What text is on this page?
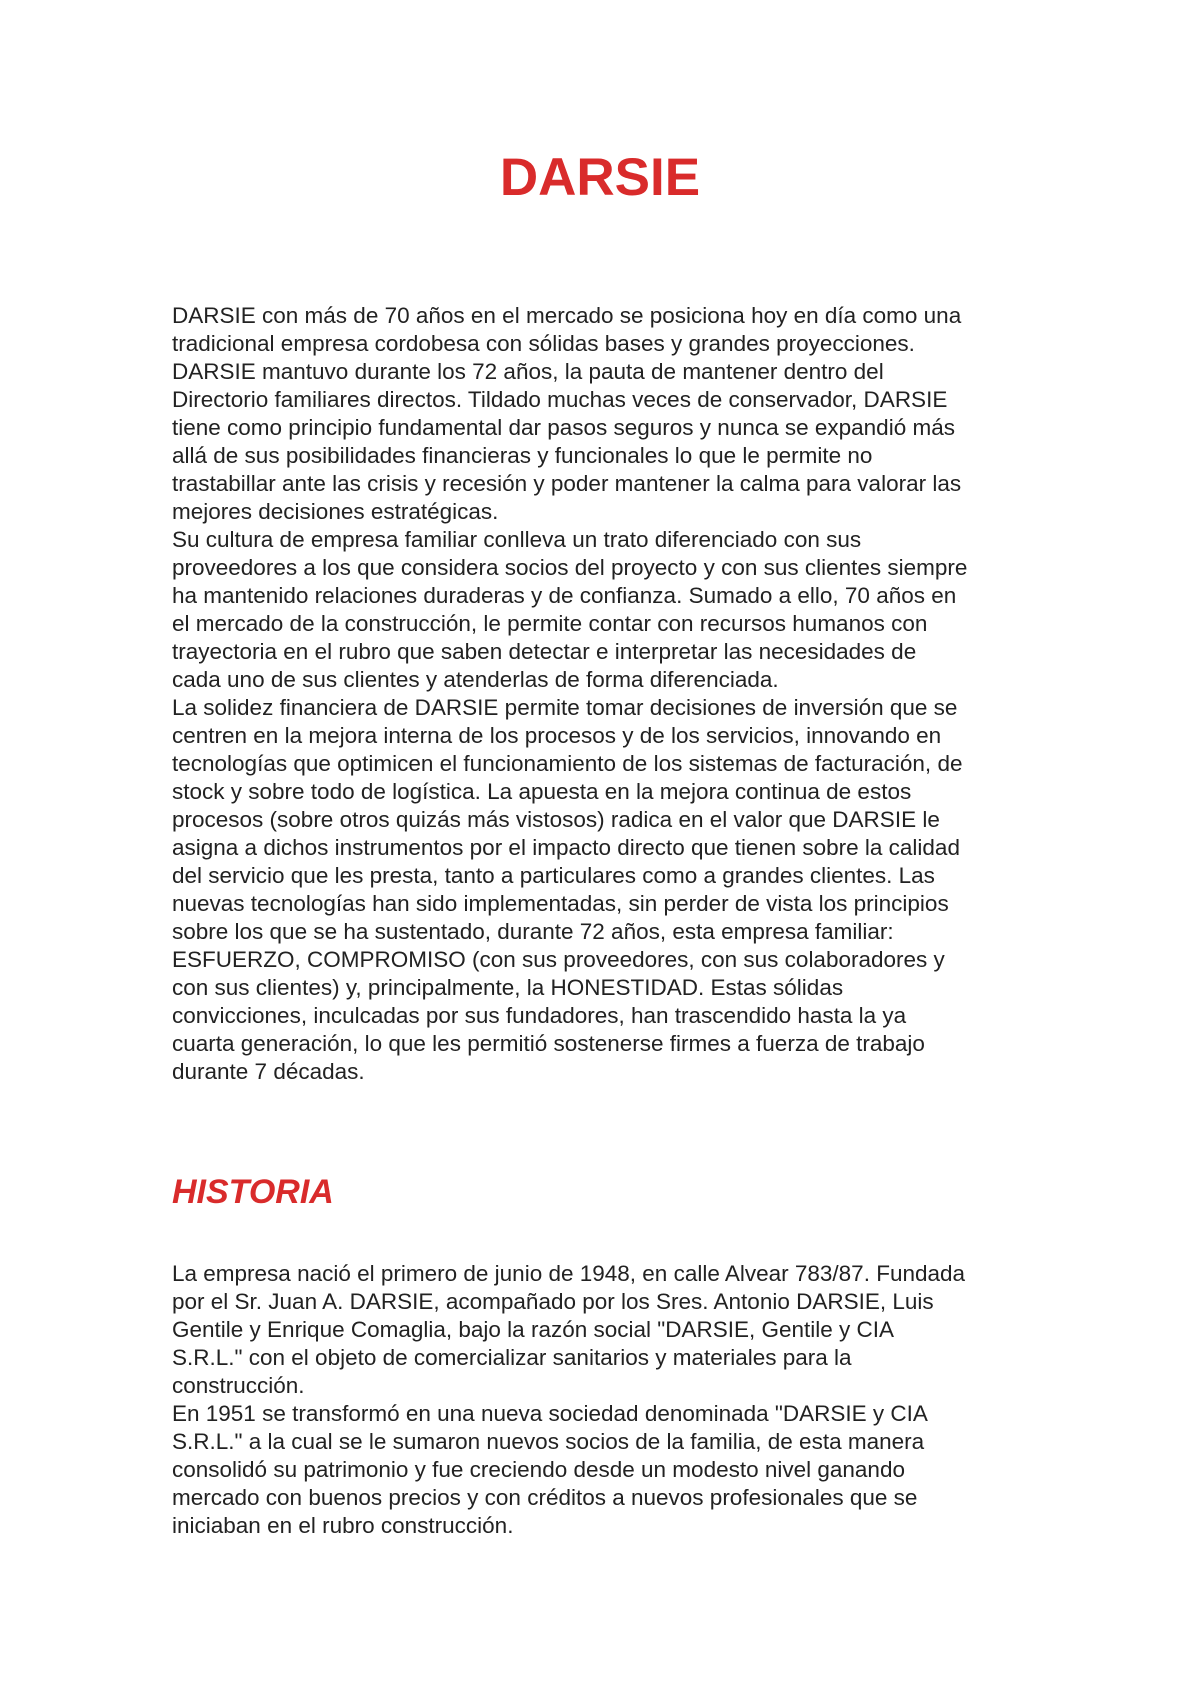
DARSIE
DARSIE con más de 70 años en el mercado se posiciona hoy en día como una
tradicional empresa cordobesa con sólidas bases y grandes proyecciones.
DARSIE mantuvo durante los 72 años, la pauta de mantener dentro del
Directorio familiares directos. Tildado muchas veces de conservador, DARSIE
tiene como principio fundamental dar pasos seguros y nunca se expandió más
allá de sus posibilidades financieras y funcionales lo que le permite no
trastabillar ante las crisis y recesión y poder mantener la calma para valorar las
mejores decisiones estratégicas.
Su cultura de empresa familiar conlleva un trato diferenciado con sus
proveedores a los que considera socios del proyecto y con sus clientes siempre
ha mantenido relaciones duraderas y de confianza. Sumado a ello, 70 años en
el mercado de la construcción, le permite contar con recursos humanos con
trayectoria en el rubro que saben detectar e interpretar las necesidades de
cada uno de sus clientes y atenderlas de forma diferenciada.
La solidez financiera de DARSIE permite tomar decisiones de inversión que se
centren en la mejora interna de los procesos y de los servicios, innovando en
tecnologías que optimicen el funcionamiento de los sistemas de facturación, de
stock y sobre todo de logística. La apuesta en la mejora continua de estos
procesos (sobre otros quizás más vistosos) radica en el valor que DARSIE le
asigna a dichos instrumentos por el impacto directo que tienen sobre la calidad
del servicio que les presta, tanto a particulares como a grandes clientes. Las
nuevas tecnologías han sido implementadas, sin perder de vista los principios
sobre los que se ha sustentado, durante 72 años, esta empresa familiar:
ESFUERZO, COMPROMISO (con sus proveedores, con sus colaboradores y
con sus clientes) y, principalmente, la HONESTIDAD. Estas sólidas
convicciones, inculcadas por sus fundadores, han trascendido hasta la ya
cuarta generación, lo que les permitió sostenerse firmes a fuerza de trabajo
durante 7 décadas.
HISTORIA
La empresa nació el primero de junio de 1948, en calle Alvear 783/87. Fundada
por el Sr. Juan A. DARSIE, acompañado por los Sres. Antonio DARSIE, Luis
Gentile y Enrique Comaglia, bajo la razón social "DARSIE, Gentile y CIA
S.R.L." con el objeto de comercializar sanitarios y materiales para la
construcción.
En 1951 se transformó en una nueva sociedad denominada "DARSIE y CIA
S.R.L." a la cual se le sumaron nuevos socios de la familia, de esta manera
consolidó su patrimonio y fue creciendo desde un modesto nivel ganando
mercado con buenos precios y con créditos a nuevos profesionales que se
iniciaban en el rubro construcción.
